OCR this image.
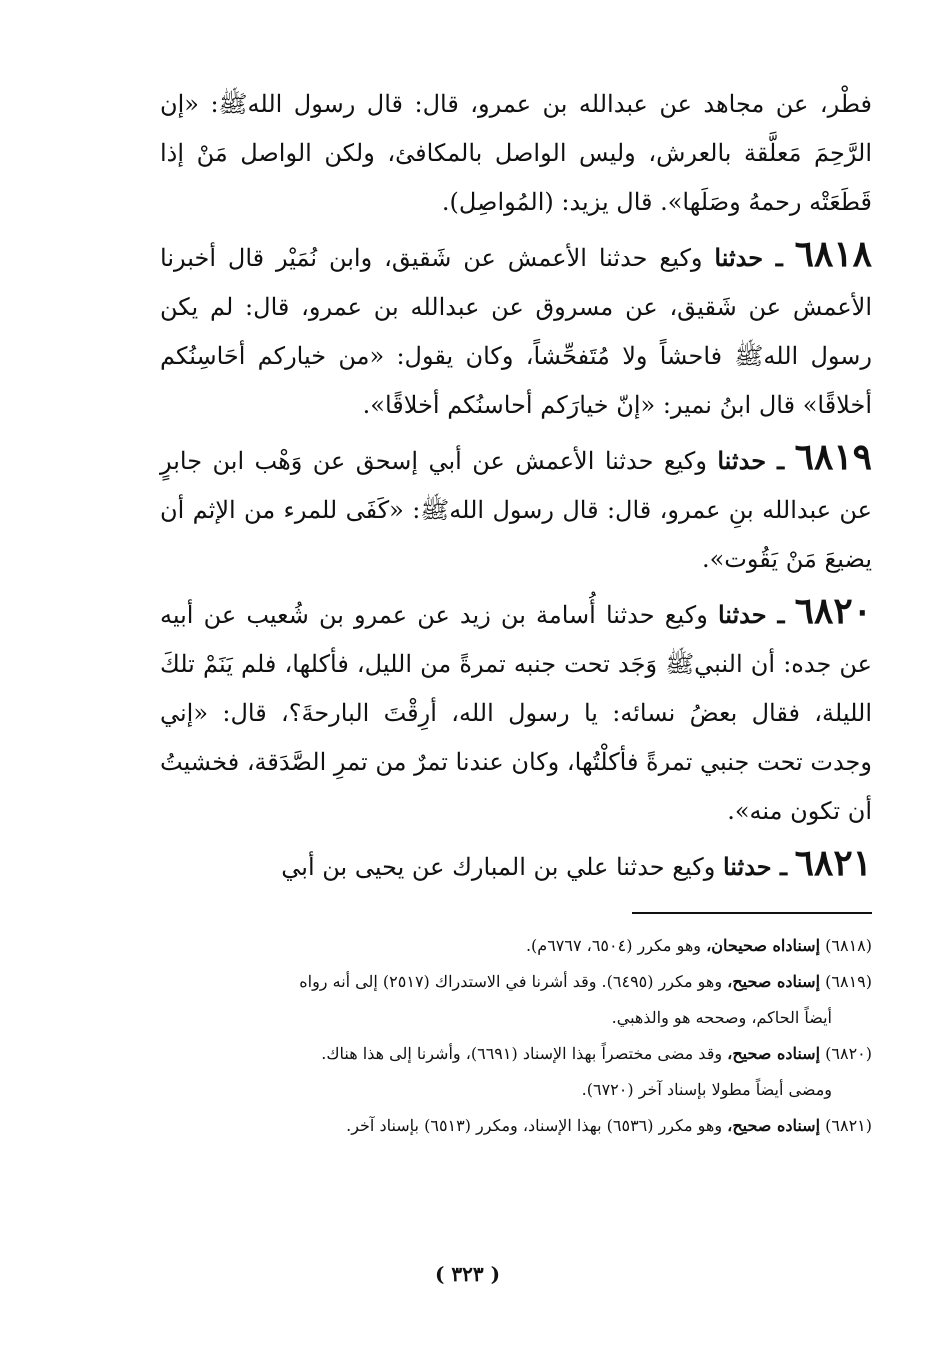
فطْر، عن مجاهد عن عبدالله بن عمرو، قال: قال رسول اللهﷺ: «إن الرَّحِمَ مَعلَّقة بالعرش، وليس الواصل بالمكافئ، ولكن الواصل مَنْ إذا قَطَعَتْه رحمهُ وصَلَها». قال يزيد: (المُواصِل).

٦٨١٨ ـ حدثنا وكيع حدثنا الأعمش عن شَقيق، وابن نُمَيْر قال أخبرنا الأعمش عن شَقيق، عن مسروق عن عبدالله بن عمرو، قال: لم يكن رسول اللهﷺ فاحشاً ولا مُتَفحِّشاً، وكان يقول: «من خياركم أحَاسِنُكم أخلاقًا» قال ابنُ نمير: «إنّ خيارَكم أحاسنُكم أخلاقًا».

٦٨١٩ ـ حدثنا وكيع حدثنا الأعمش عن أبي إسحق عن وَهْب ابن جابرٍ عن عبدالله بنِ عمرو، قال: قال رسول اللهﷺ: «كَفَى للمرء من الإثم أن يضيعَ مَنْ يَقُوت».

٦٨٢٠ ـ حدثنا وكيع حدثنا أُسامة بن زيد عن عمرو بن شُعيب عن أبيه عن جده: أن النبيﷺ وَجَد تحت جنبه تمرةً من الليل، فأكلها، فلم يَنَمْ تلكَ الليلة، فقال بعضُ نسائه: يا رسول الله، أرِقْتَ البارحةَ؟، قال: «إني وجدت تحت جنبي تمرةً فأكلْتُها، وكان عندنا تمرٌ من تمرِ الصَّدَقة، فخشيتُ أن تكون منه».

٦٨٢١ ـ حدثنا وكيع حدثنا علي بن المبارك عن يحيى بن أبي

(٦٨١٨) إسناداه صحيحان، وهو مكرر (٦٥٠٤، ٦٧٦٧م).

(٦٨١٩) إسناده صحيح، وهو مكرر (٦٤٩٥). وقد أشرنا في الاستدراك (٢٥١٧) إلى أنه رواه

أيضاً الحاكم، وصححه هو والذهبي.

(٦٨٢٠) إسناده صحيح، وقد مضى مختصراً بهذا الإسناد (٦٦٩١)، وأشرنا إلى هذا هناك.

ومضى أيضاً مطولا بإسناد آخر (٦٧٢٠).

(٦٨٢١) إسناده صحيح، وهو مكرر (٦٥٣٦) بهذا الإسناد، ومكرر (٦٥١٣) بإسناد آخر.

( ٣٢٣ )
